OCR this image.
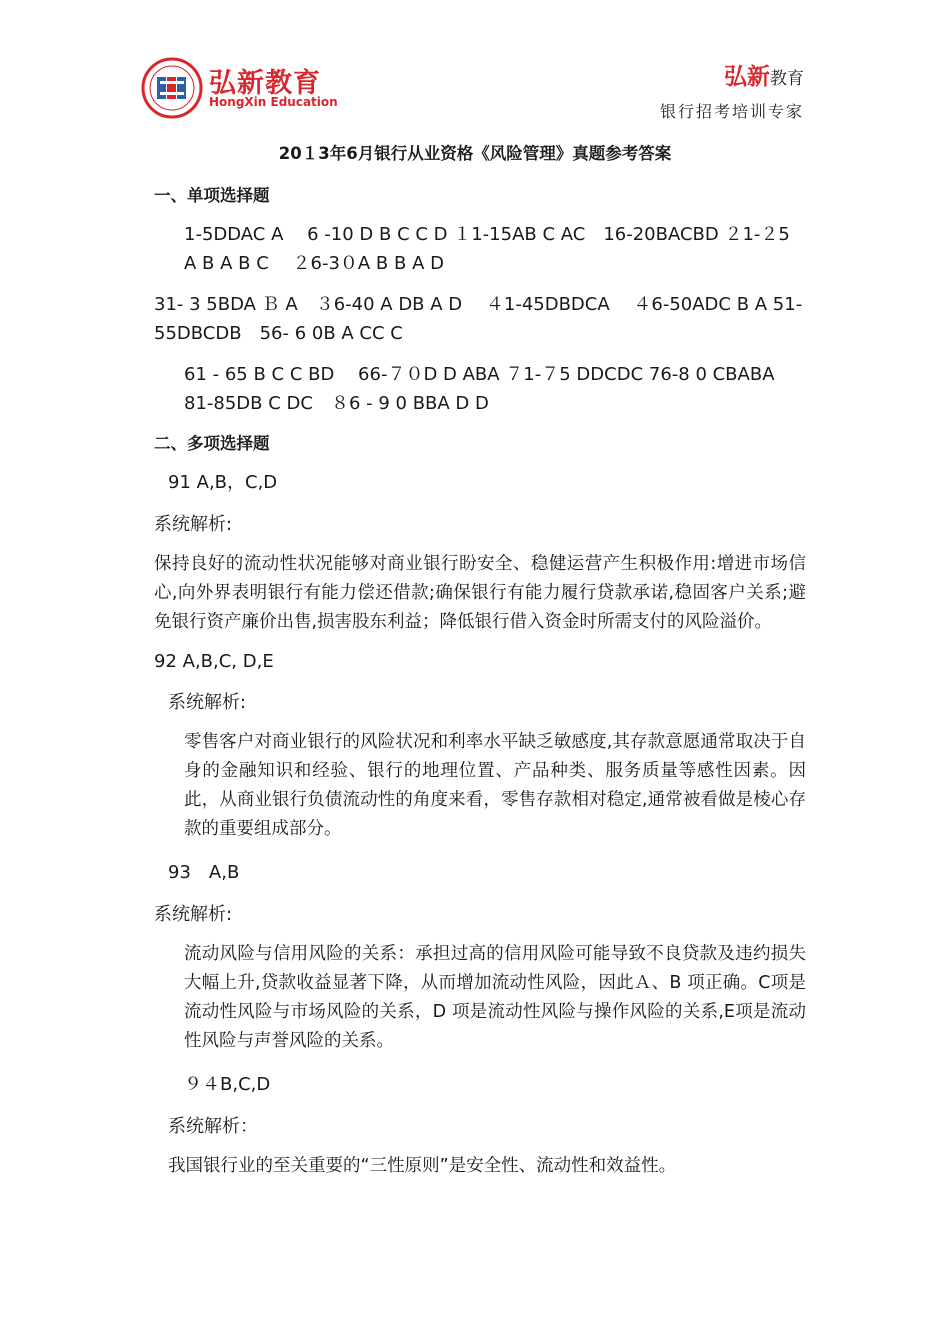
弘新教育
HongXin Education
弘新教育
银行招考培训专家
20１3年6月银行从业资格《风险管理》真题参考答案
一、单项选择题
1-5DDAC A　 6 -10 D B C C D １1-15AB C AC　16-20BACBD ２1-２5 A B A B C　 ２6-3０A B B A D
31- 3 5BDA Ｂ A　３6-40 A DB A D　 ４1-45DBDCA　 ４6-50ADC B A 51-55DBCDB　56- 6 0B A CC C
61 - 65 B C C BD　 66-７０D D ABA ７1-７5 DDCDC 76-8 0 CBABA　81-85DB C DC　８6 - 9 0 BBA D D
二、多项选择题
91 A,B，C,D
系统解析:
保持良好的流动性状况能够对商业银行盼安全、稳健运营产生积极作用:增进市场信心,向外界表明银行有能力偿还借款;确保银行有能力履行贷款承诺,稳固客户关系;避免银行资产廉价出售,损害股东利益；降低银行借入资金时所需支付的风险溢价。
92 A,B,C, D,E
系统解析:
零售客户对商业银行的风险状况和利率水平缺乏敏感度,其存款意愿通常取决于自身的金融知识和经验、银行的地理位置、产品种类、服务质量等感性因素。因此，从商业银行负债流动性的角度来看，零售存款相对稳定,通常被看做是棱心存款的重要组成部分。
93　A,B
系统解析:
流动风险与信用风险的关系：承担过高的信用风险可能导致不良贷款及违约损失大幅上升,贷款收益显著下降，从而增加流动性风险，因此Ａ、B 项正确。C项是流动性风险与市场风险的关系，D 项是流动性风险与操作风险的关系,E项是流动性风险与声誉风险的关系。
９４B,C,D
系统解析：
我国银行业的至关重要的“三性原则”是安全性、流动性和效益性。
